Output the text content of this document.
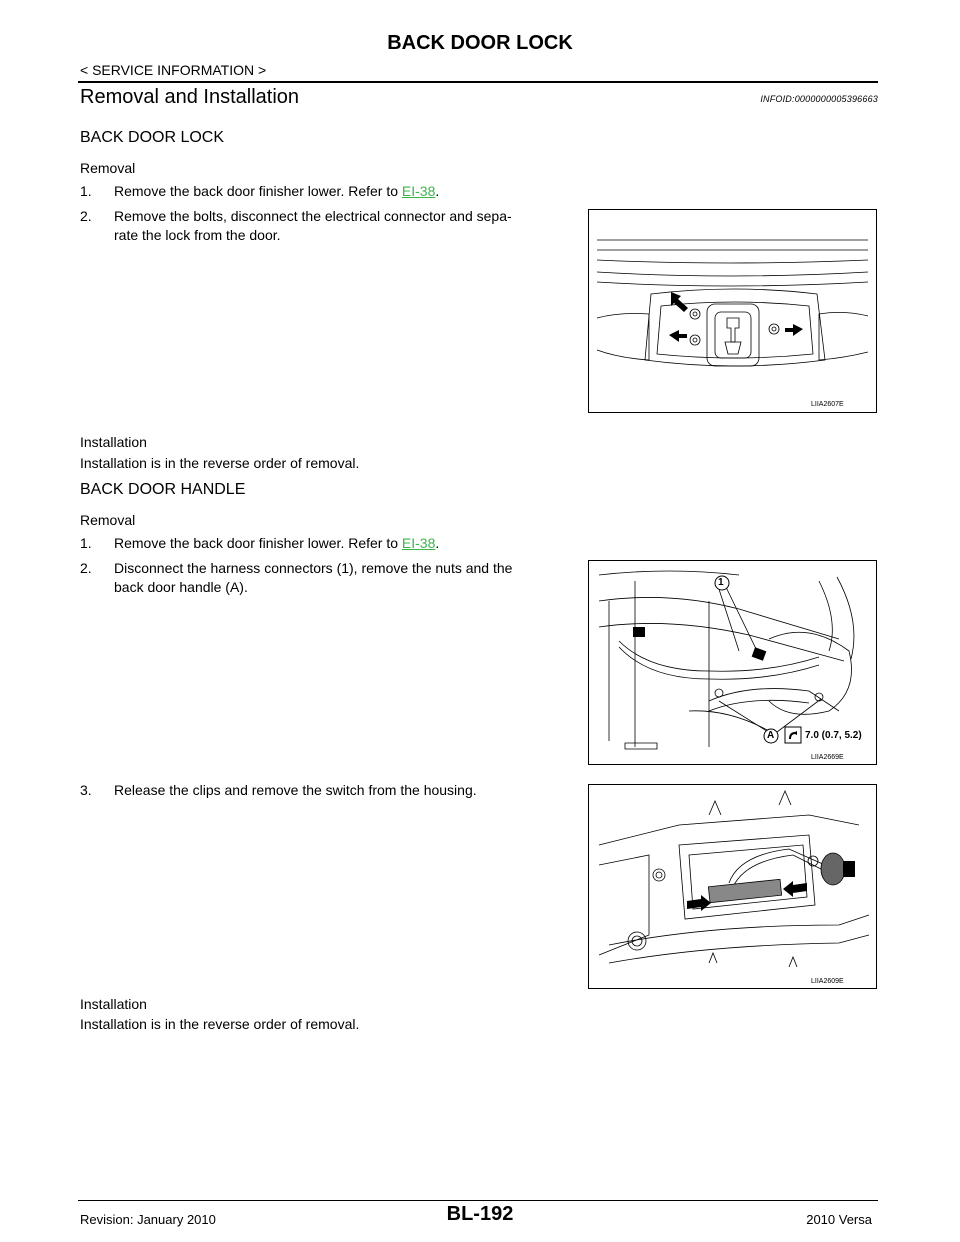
BACK DOOR LOCK
< SERVICE INFORMATION >
Removal and Installation	INFOID:0000000005396663
BACK DOOR LOCK
Removal
1. Remove the back door finisher lower. Refer to EI-38.
2. Remove the bolts, disconnect the electrical connector and sepa-
rate the lock from the door.
LIIA2607E
Installation
Installation is in the reverse order of removal.
BACK DOOR HANDLE
Removal
1. Remove the back door finisher lower. Refer to EI-38.
2. Disconnect the harness connectors (1), remove the nuts and the
back door handle (A).	1
A	7.0 (0.7, 5.2)
LIIA2669E
3. Release the clips and remove the switch from the housing.
LIIA2609E
Installation
Installation is in the reverse order of removal.
BL-192
Revision: January 2010	2010 Versa
